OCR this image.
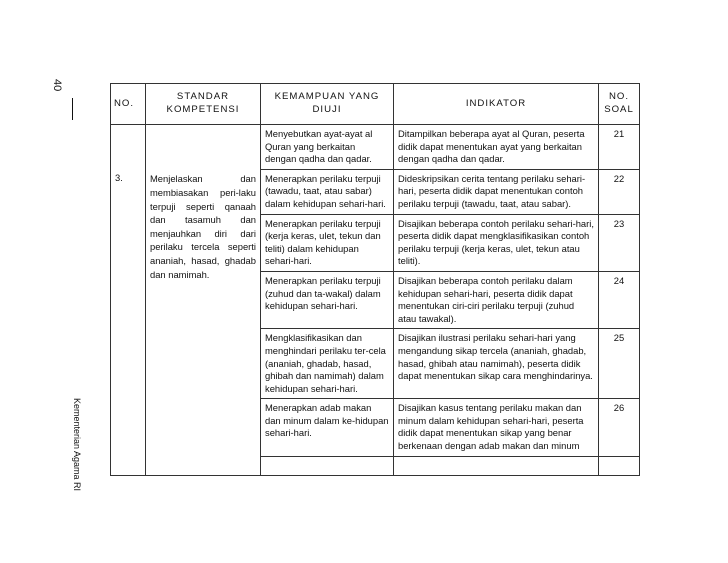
40
Kementerian Agama RI
NO.	STANDAR KOMPETENSI	KEMAMPUAN YANG DIUJI	INDIKATOR	NO. SOAL
		Menyebutkan ayat-ayat al Quran yang berkaitan dengan qadha dan qadar.	Ditampilkan beberapa ayat al Quran, peserta didik dapat menentukan ayat yang berkaitan dengan qadha dan qadar.	21
3.	Menjelaskan dan membiasakan peri-laku terpuji seperti qanaah dan tasamuh dan menjauhkan diri dari perilaku tercela seperti ananiah, hasad, ghadab dan namimah.	Menerapkan perilaku terpuji (tawadu, taat, atau sabar) dalam kehidupan sehari-hari.	Dideskripsikan cerita tentang perilaku sehari-hari, peserta didik dapat menentukan contoh perilaku terpuji (tawadu, taat, atau sabar).	22
		Menerapkan perilaku terpuji (kerja keras, ulet, tekun dan teliti) dalam kehidupan sehari-hari.	Disajikan beberapa contoh perilaku sehari-hari, peserta didik dapat mengklasifikasikan contoh perilaku terpuji (kerja keras, ulet, tekun atau teliti).	23
		Menerapkan perilaku terpuji (zuhud dan ta-wakal) dalam kehidupan sehari-hari.	Disajikan beberapa contoh perilaku dalam kehidupan sehari-hari, peserta didik dapat menentukan ciri-ciri perilaku terpuji (zuhud atau tawakal).	24
		Mengklasifikasikan dan menghindari perilaku ter-cela (ananiah, ghadab, hasad, ghibah dan namimah) dalam kehidupan sehari-hari.	Disajikan ilustrasi perilaku sehari-hari yang mengandung sikap tercela (ananiah, ghadab, hasad, ghibah atau namimah), peserta didik dapat menentukan sikap cara menghindarinya.	25
		Menerapkan adab makan dan minum dalam ke-hidupan sehari-hari.	Disajikan kasus tentang perilaku makan dan minum dalam kehidupan sehari-hari, peserta didik dapat menentukan sikap yang benar berkenaan dengan adab makan dan minum	26
